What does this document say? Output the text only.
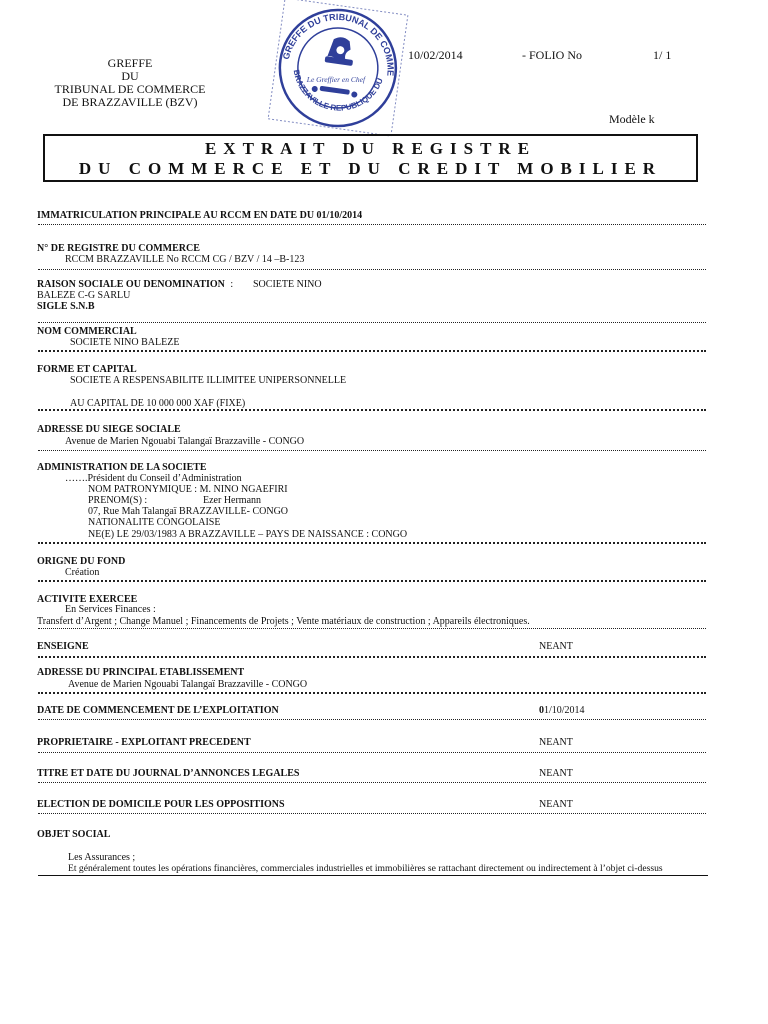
GREFFE
DU
TRIBUNAL DE COMMERCE
DE BRAZZAVILLE (BZV)
GREFFE DU TRIBUNAL DE COMMERCE
BRAZZAVILLE REPUBLIQUE DU
Le Greffier en Chef
10/02/2014	- FOLIO No	1/ 1
Modèle k
EXTRAIT DU REGISTRE
DU COMMERCE ET DU CREDIT MOBILIER
IMMATRICULATION PRINCIPALE AU RCCM EN DATE DU 01/10/2014
N° DE REGISTRE DU COMMERCE
RCCM BRAZZAVILLE No RCCM CG / BZV / 14 –B-123
RAISON SOCIALE OU DENOMINATION : SOCIETE NINO
BALEZE C-G SARLU
SIGLE S.N.B
NOM COMMERCIAL
SOCIETE NINO BALEZE
FORME ET CAPITAL
SOCIETE A RESPENSABILITE ILLIMITEE UNIPERSONNELLE
AU CAPITAL DE 10 000 000 XAF (FIXE)
ADRESSE DU SIEGE SOCIALE
Avenue de Marien Ngouabi Talangaï Brazzaville - CONGO
ADMINISTRATION DE LA SOCIETE
…….Président du Conseil d’Administration
NOM PATRONYMIQUE : M. NINO NGAEFIRI
PRENOM(S) :	Ezer Hermann
07, Rue Mah Talangaï BRAZZAVILLE- CONGO
NATIONALITE CONGOLAISE
NE(E) LE 29/03/1983 A BRAZZAVILLE – PAYS DE NAISSANCE : CONGO
ORIGNE DU FOND
Création
ACTIVITE EXERCEE
En Services Finances :
Transfert d’Argent ; Change Manuel ; Financements de Projets ; Vente matériaux de construction ; Appareils électroniques.
ENSEIGNE	NEANT
ADRESSE DU PRINCIPAL ETABLISSEMENT
Avenue de Marien Ngouabi Talangaï Brazzaville - CONGO
DATE DE COMMENCEMENT DE L’EXPLOITATION	01/10/2014
PROPRIETAIRE - EXPLOITANT PRECEDENT	NEANT
TITRE ET DATE DU JOURNAL D’ANNONCES LEGALES	NEANT
ELECTION DE DOMICILE POUR LES OPPOSITIONS	NEANT
OBJET SOCIAL
Les Assurances ;
Et généralement toutes les opérations financières, commerciales industrielles et immobilières se rattachant directement ou indirectement à l’objet ci-dessus
